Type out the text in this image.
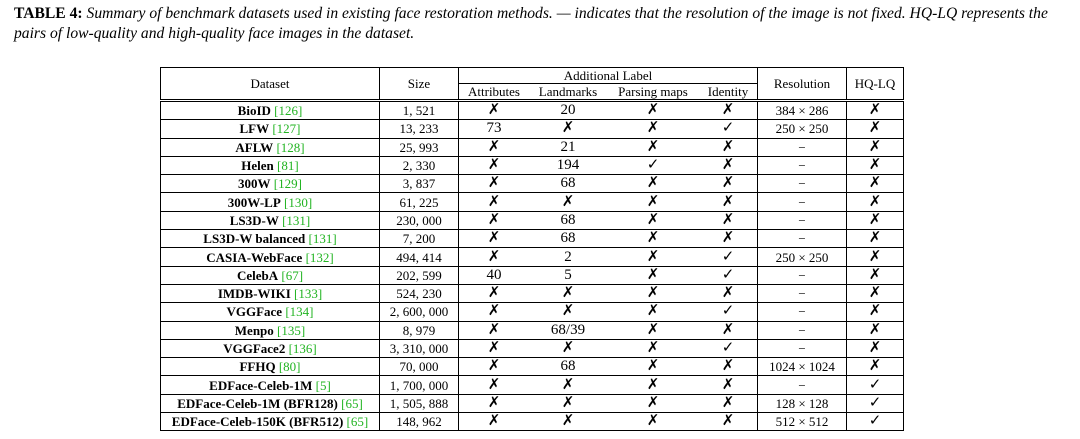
TABLE 4: Summary of benchmark datasets used in existing face restoration methods. — indicates that the resolution of the image is not fixed. HQ-LQ represents the pairs of low-quality and high-quality face images in the dataset.
Dataset	Size	Additional Label				Resolution	HQ-LQ
		Attributes	Landmarks	Parsing maps	Identity		
BioID [126]	1, 521	✗	20	✗	✗	384 × 286	✗
LFW [127]	13, 233	73	✗	✗	✓	250 × 250	✗
AFLW [128]	25, 993	✗	21	✗	✗	−	✗
Helen [81]	2, 330	✗	194	✓	✗	−	✗
300W [129]	3, 837	✗	68	✗	✗	−	✗
300W-LP [130]	61, 225	✗	✗	✗	✗	−	✗
LS3D-W [131]	230, 000	✗	68	✗	✗	−	✗
LS3D-W balanced [131]	7, 200	✗	68	✗	✗	−	✗
CASIA-WebFace [132]	494, 414	✗	2	✗	✓	250 × 250	✗
CelebA [67]	202, 599	40	5	✗	✓	−	✗
IMDB-WIKI [133]	524, 230	✗	✗	✗	✗	−	✗
VGGFace [134]	2, 600, 000	✗	✗	✗	✓	−	✗
Menpo [135]	8, 979	✗	68/39	✗	✗	−	✗
VGGFace2 [136]	3, 310, 000	✗	✗	✗	✓	−	✗
FFHQ [80]	70, 000	✗	68	✗	✗	1024 × 1024	✗
EDFace-Celeb-1M [5]	1, 700, 000	✗	✗	✗	✗	−	✓
EDFace-Celeb-1M (BFR128) [65]	1, 505, 888	✗	✗	✗	✗	128 × 128	✓
EDFace-Celeb-150K (BFR512) [65]	148, 962	✗	✗	✗	✗	512 × 512	✓
